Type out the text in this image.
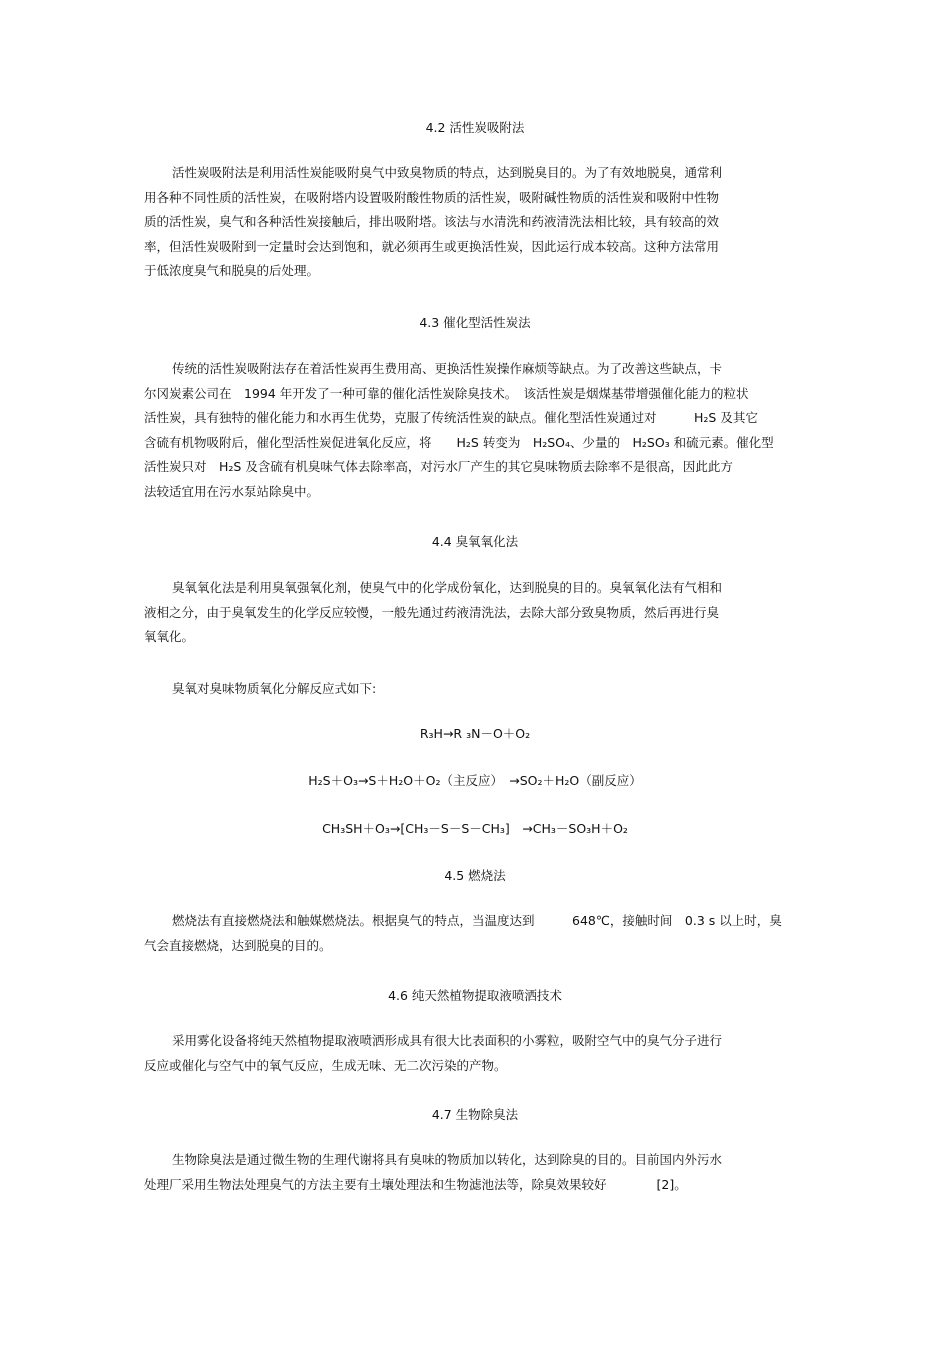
4.2 活性炭吸附法

活性炭吸附法是利用活性炭能吸附臭气中致臭物质的特点，达到脱臭目的。为了有效地脱臭，通常利
用各种不同性质的活性炭，在吸附塔内设置吸附酸性物质的活性炭，吸附碱性物质的活性炭和吸附中性物
质的活性炭，臭气和各种活性炭接触后，排出吸附塔。该法与水清洗和药液清洗法相比较，具有较高的效
率，但活性炭吸附到一定量时会达到饱和，就必须再生或更换活性炭，因此运行成本较高。这种方法常用
于低浓度臭气和脱臭的后处理。

4.3 催化型活性炭法

传统的活性炭吸附法存在着活性炭再生费用高、更换活性炭操作麻烦等缺点。为了改善这些缺点，卡
尔冈炭素公司在　1994 年开发了一种可靠的催化活性炭除臭技术。　该活性炭是烟煤基带增强催化能力的粒状
活性炭，具有独特的催化能力和水再生优势，克服了传统活性炭的缺点。催化型活性炭通过对　　　H₂S 及其它
含硫有机物吸附后，催化型活性炭促进氧化反应，将　　H₂S 转变为　H₂SO₄、少量的　H₂SO₃ 和硫元素。催化型
活性炭只对　H₂S 及含硫有机臭味气体去除率高，对污水厂产生的其它臭味物质去除率不是很高，因此此方
法较适宜用在污水泵站除臭中。

4.4 臭氧氧化法

臭氧氧化法是利用臭氧强氧化剂，使臭气中的化学成份氧化，达到脱臭的目的。臭氧氧化法有气相和
液相之分，由于臭氧发生的化学反应较慢，一般先通过药液清洗法，去除大部分致臭物质，然后再进行臭
氧氧化。

臭氧对臭味物质氧化分解反应式如下:

R₃H→R ₃N－O＋O₂
H₂S＋O₃→S＋H₂O＋O₂（主反应）　→SO₂＋H₂O（副反应）
CH₃SH＋O₃→[CH₃－S－S－CH₃]　→CH₃－SO₃H＋O₂
4.5 燃烧法

燃烧法有直接燃烧法和触媒燃烧法。根据臭气的特点，当温度达到　　　648℃，接触时间　0.3 s 以上时，臭
气会直接燃烧，达到脱臭的目的。

4.6 纯天然植物提取液喷洒技术

采用雾化设备将纯天然植物提取液喷洒形成具有很大比表面积的小雾粒，吸附空气中的臭气分子进行
反应或催化与空气中的氧气反应，生成无味、无二次污染的产物。

4.7 生物除臭法

生物除臭法是通过微生物的生理代谢将具有臭味的物质加以转化，达到除臭的目的。目前国内外污水
处理厂采用生物法处理臭气的方法主要有土壤处理法和生物滤池法等，除臭效果较好　　　　[2]。
